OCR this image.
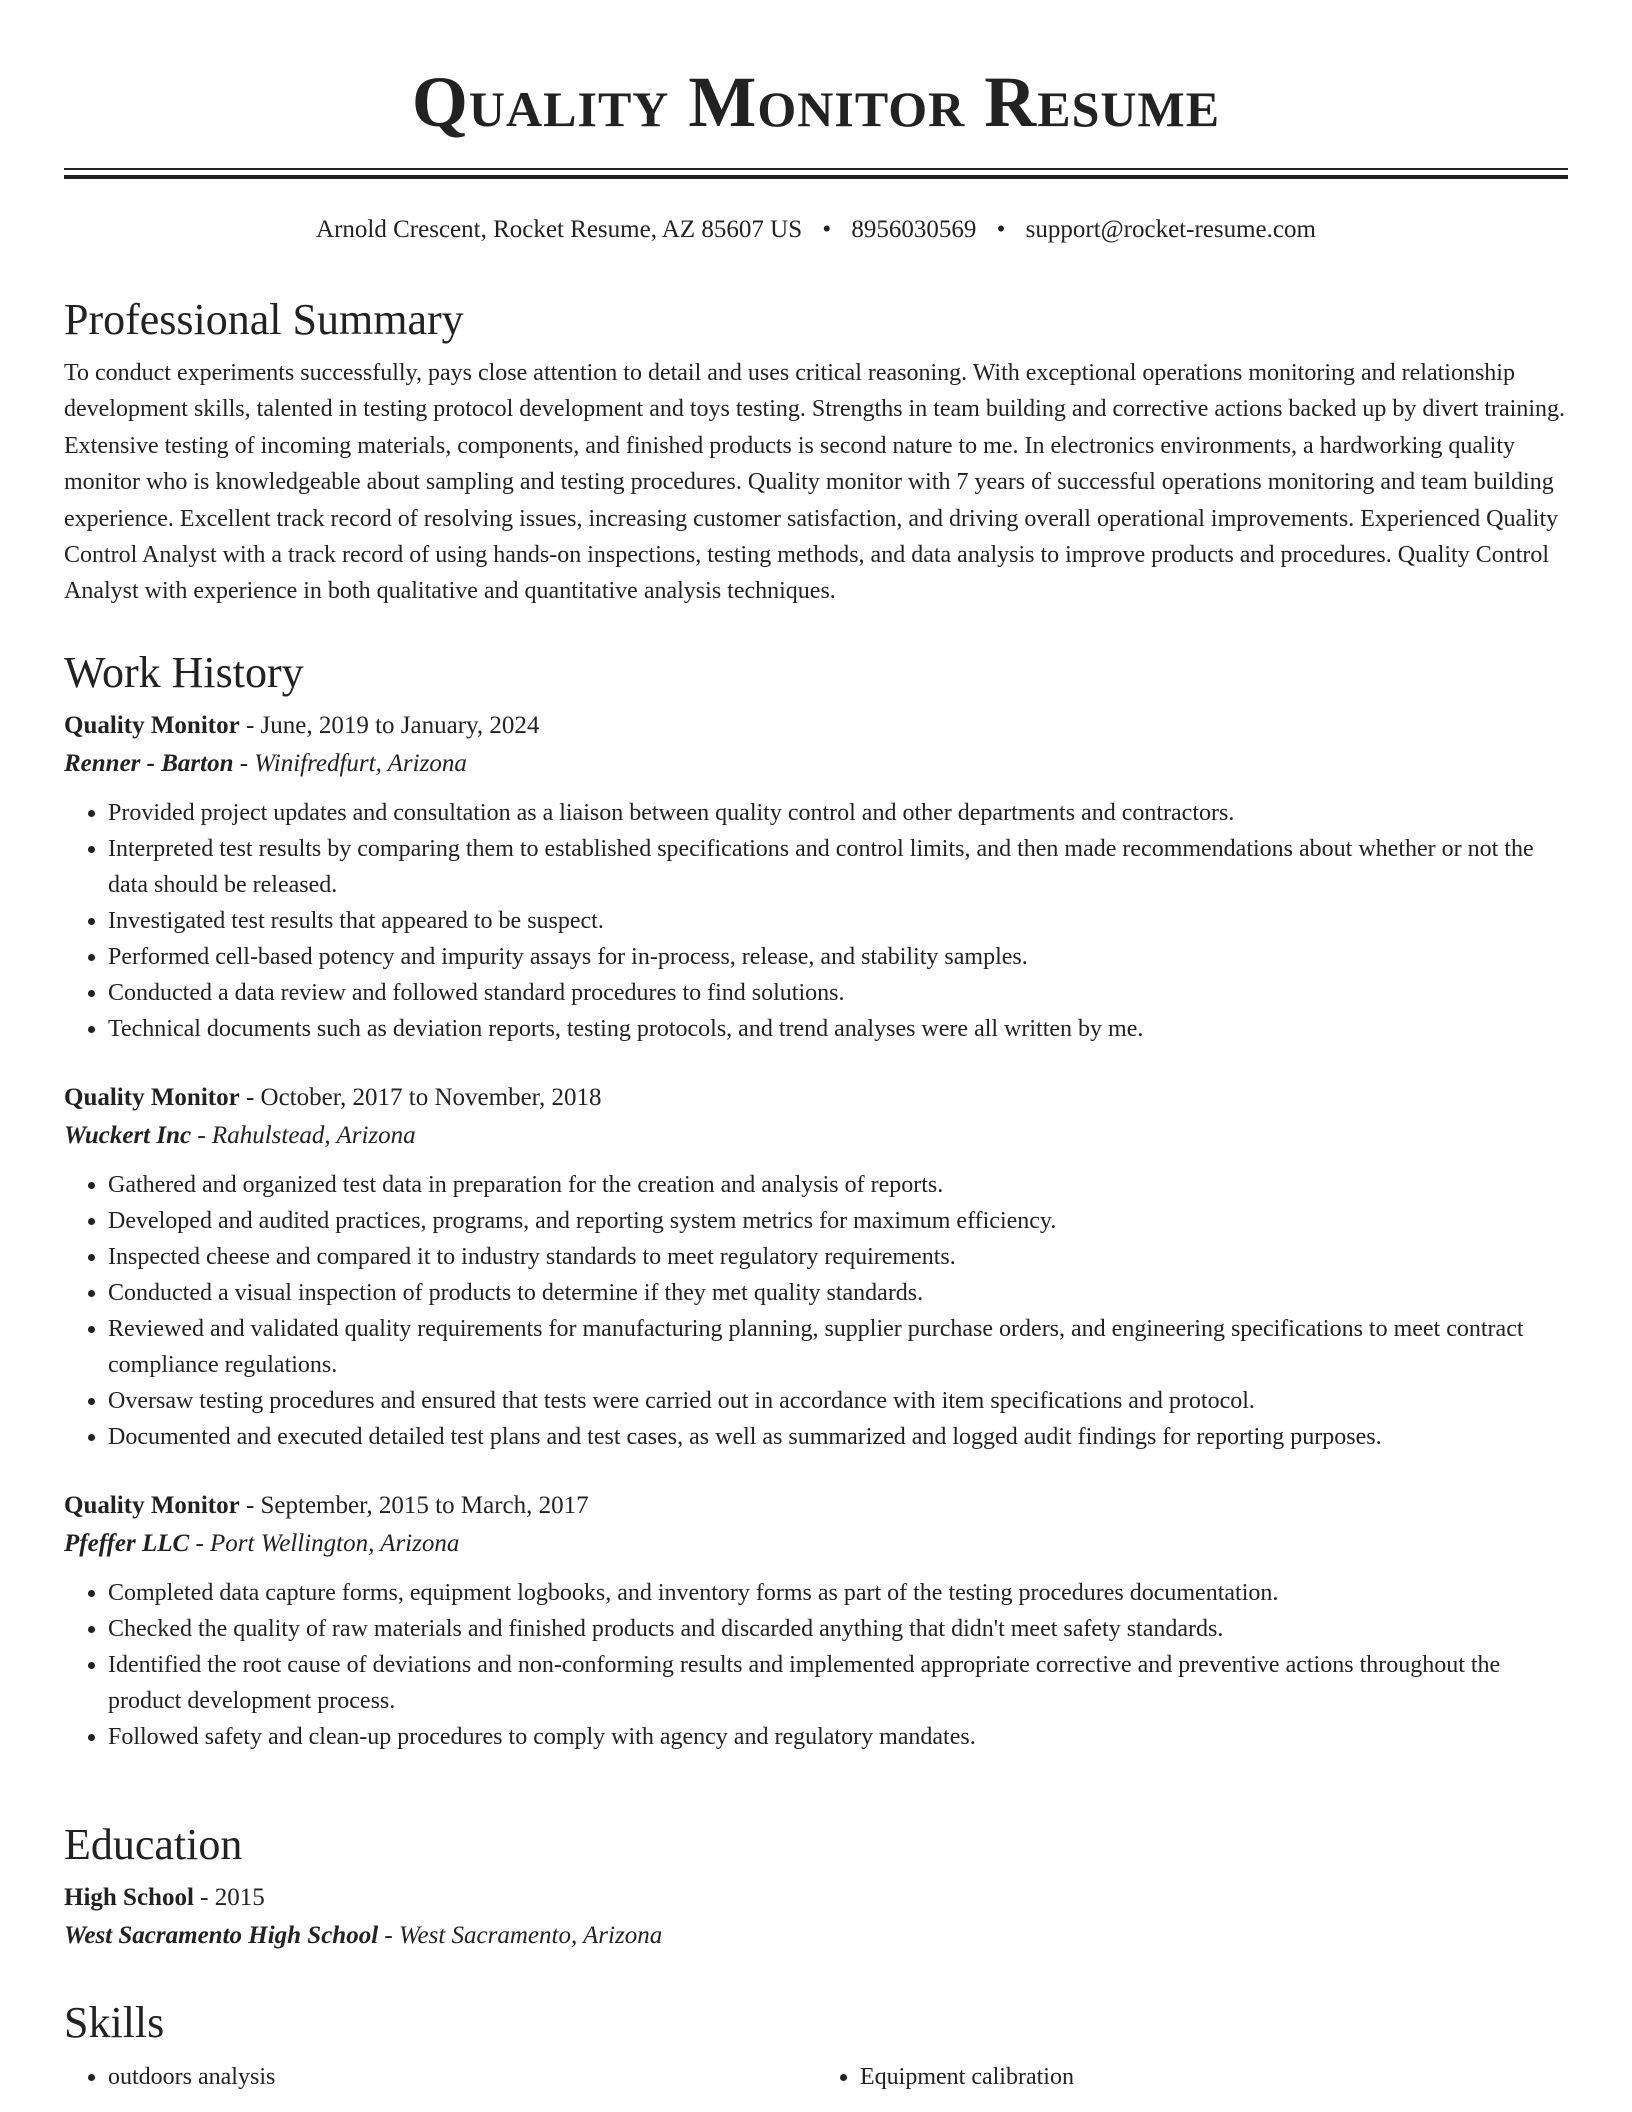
Quality Monitor Resume
Arnold Crescent, Rocket Resume, AZ 85607 US • 8956030569 • support@rocket-resume.com
Professional Summary

To conduct experiments successfully, pays close attention to detail and uses critical reasoning. With exceptional operations monitoring and relationship development skills, talented in testing protocol development and toys testing. Strengths in team building and corrective actions backed up by divert training. Extensive testing of incoming materials, components, and finished products is second nature to me. In electronics environments, a hardworking quality monitor who is knowledgeable about sampling and testing procedures. Quality monitor with 7 years of successful operations monitoring and team building experience. Excellent track record of resolving issues, increasing customer satisfaction, and driving overall operational improvements. Experienced Quality Control Analyst with a track record of using hands-on inspections, testing methods, and data analysis to improve products and procedures. Quality Control Analyst with experience in both qualitative and quantitative analysis techniques.

Work History
Quality Monitor - June, 2019 to January, 2024
Renner - Barton - Winifredfurt, Arizona
• Provided project updates and consultation as a liaison between quality control and other departments and contractors.
• Interpreted test results by comparing them to established specifications and control limits, and then made recommendations about whether or not the data should be released.
• Investigated test results that appeared to be suspect.
• Performed cell-based potency and impurity assays for in-process, release, and stability samples.
• Conducted a data review and followed standard procedures to find solutions.
• Technical documents such as deviation reports, testing protocols, and trend analyses were all written by me.
Quality Monitor - October, 2017 to November, 2018
Wuckert Inc - Rahulstead, Arizona
• Gathered and organized test data in preparation for the creation and analysis of reports.
• Developed and audited practices, programs, and reporting system metrics for maximum efficiency.
• Inspected cheese and compared it to industry standards to meet regulatory requirements.
• Conducted a visual inspection of products to determine if they met quality standards.
• Reviewed and validated quality requirements for manufacturing planning, supplier purchase orders, and engineering specifications to meet contract compliance regulations.
• Oversaw testing procedures and ensured that tests were carried out in accordance with item specifications and protocol.
• Documented and executed detailed test plans and test cases, as well as summarized and logged audit findings for reporting purposes.
Quality Monitor - September, 2015 to March, 2017
Pfeffer LLC - Port Wellington, Arizona
• Completed data capture forms, equipment logbooks, and inventory forms as part of the testing procedures documentation.
• Checked the quality of raw materials and finished products and discarded anything that didn't meet safety standards.
• Identified the root cause of deviations and non-conforming results and implemented appropriate corrective and preventive actions throughout the product development process.
• Followed safety and clean-up procedures to comply with agency and regulatory mandates.
Education
High School - 2015
West Sacramento High School - West Sacramento, Arizona
Skills
• outdoors analysis
•	Equipment calibration
